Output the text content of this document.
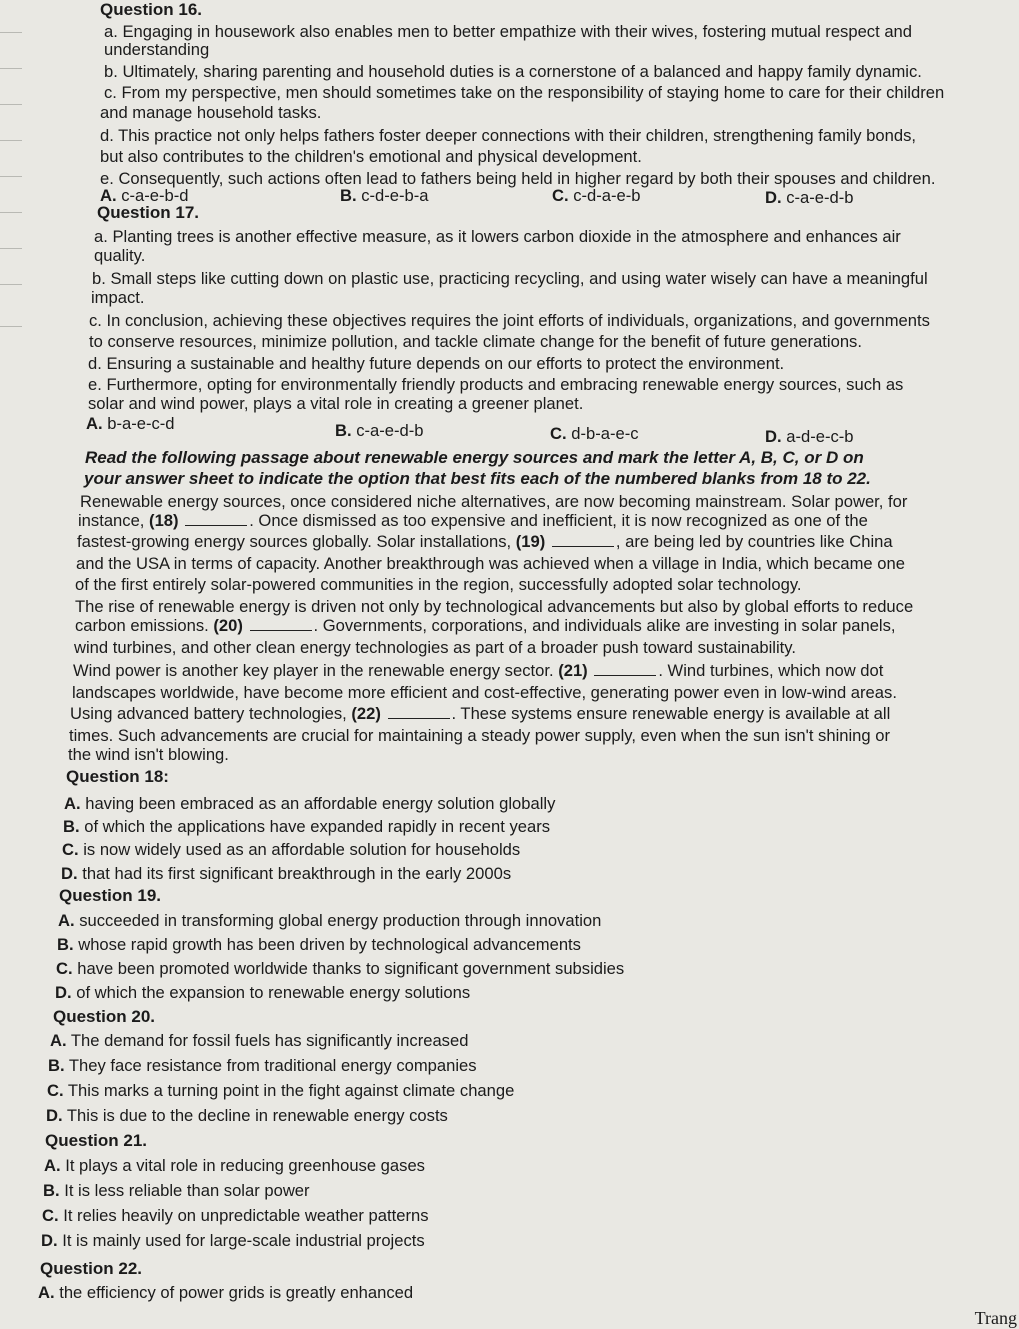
Question 16.
a. Engaging in housework also enables men to better empathize with their wives, fostering mutual respect and
understanding
b. Ultimately, sharing parenting and household duties is a cornerstone of a balanced and happy family dynamic.
c. From my perspective, men should sometimes take on the responsibility of staying home to care for their children
and manage household tasks.
d. This practice not only helps fathers foster deeper connections with their children, strengthening family bonds,
but also contributes to the children's emotional and physical development.
e. Consequently, such actions often lead to fathers being held in higher regard by both their spouses and children.
A. c-a-e-b-d	B. c-d-e-b-a	C. c-d-a-e-b	D. c-a-e-d-b
Question 17.
a. Planting trees is another effective measure, as it lowers carbon dioxide in the atmosphere and enhances air
quality.
b. Small steps like cutting down on plastic use, practicing recycling, and using water wisely can have a meaningful
impact.
c. In conclusion, achieving these objectives requires the joint efforts of individuals, organizations, and governments
to conserve resources, minimize pollution, and tackle climate change for the benefit of future generations.
d. Ensuring a sustainable and healthy future depends on our efforts to protect the environment.
e. Furthermore, opting for environmentally friendly products and embracing renewable energy sources, such as
solar and wind power, plays a vital role in creating a greener planet.
A. b-a-e-c-d	B. c-a-e-d-b	C. d-b-a-e-c	D. a-d-e-c-b
Read the following passage about renewable energy sources and mark the letter A, B, C, or D on
your answer sheet to indicate the option that best fits each of the numbered blanks from 18 to 22.
Renewable energy sources, once considered niche alternatives, are now becoming mainstream. Solar power, for
instance, (18)	. Once dismissed as too expensive and inefficient, it is now recognized as one of the
fastest-growing energy sources globally. Solar installations, (19)	, are being led by countries like China
and the USA in terms of capacity. Another breakthrough was achieved when a village in India, which became one
of the first entirely solar-powered communities in the region, successfully adopted solar technology.
The rise of renewable energy is driven not only by technological advancements but also by global efforts to reduce
carbon emissions. (20)	. Governments, corporations, and individuals alike are investing in solar panels,
wind turbines, and other clean energy technologies as part of a broader push toward sustainability.
Wind power is another key player in the renewable energy sector. (21)	. Wind turbines, which now dot
landscapes worldwide, have become more efficient and cost-effective, generating power even in low-wind areas.
Using advanced battery technologies, (22)	. These systems ensure renewable energy is available at all
times. Such advancements are crucial for maintaining a steady power supply, even when the sun isn't shining or
the wind isn't blowing.
Question 18:
A. having been embraced as an affordable energy solution globally
B. of which the applications have expanded rapidly in recent years
C. is now widely used as an affordable solution for households
D. that had its first significant breakthrough in the early 2000s
Question 19.
A. succeeded in transforming global energy production through innovation
B. whose rapid growth has been driven by technological advancements
C. have been promoted worldwide thanks to significant government subsidies
D. of which the expansion to renewable energy solutions
Question 20.
A. The demand for fossil fuels has significantly increased
B. They face resistance from traditional energy companies
C. This marks a turning point in the fight against climate change
D. This is due to the decline in renewable energy costs
Question 21.
A. It plays a vital role in reducing greenhouse gases
B. It is less reliable than solar power
C. It relies heavily on unpredictable weather patterns
D. It is mainly used for large-scale industrial projects
Question 22.
A. the efficiency of power grids is greatly enhanced
Trang
